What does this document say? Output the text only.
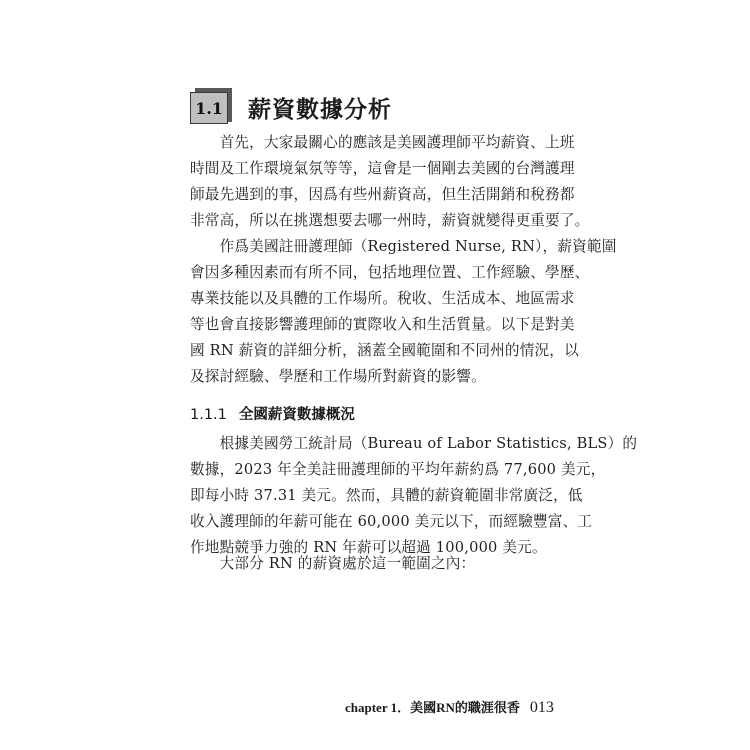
1.1 薪資數據分析
　　首先，大家最關心的應該是美國護理師平均薪資、上班
時間及工作環境氣氛等等，這會是一個剛去美國的台灣護理
師最先遇到的事，因爲有些州薪資高，但生活開銷和稅務都
非常高，所以在挑選想要去哪一州時，薪資就變得更重要了。
　　作爲美國註冊護理師（Registered Nurse, RN），薪資範圍
會因多種因素而有所不同，包括地理位置、工作經驗、學歷、
專業技能以及具體的工作場所。稅收、生活成本、地區需求
等也會直接影響護理師的實際收入和生活質量。以下是對美
國 RN 薪資的詳細分析，涵蓋全國範圍和不同州的情況，以
及探討經驗、學歷和工作場所對薪資的影響。
1.1.1 全國薪資數據概況
　　根據美國勞工統計局（Bureau of Labor Statistics, BLS）的
數據，2023 年全美註冊護理師的平均年薪約爲 77,600 美元，
即每小時 37.31 美元。然而，具體的薪資範圍非常廣泛，低
收入護理師的年薪可能在 60,000 美元以下，而經驗豐富、工
作地點競爭力強的 RN 年薪可以超過 100,000 美元。
　　大部分 RN 的薪資處於這一範圍之內：
chapter 1．美國RN的職涯很香 013
